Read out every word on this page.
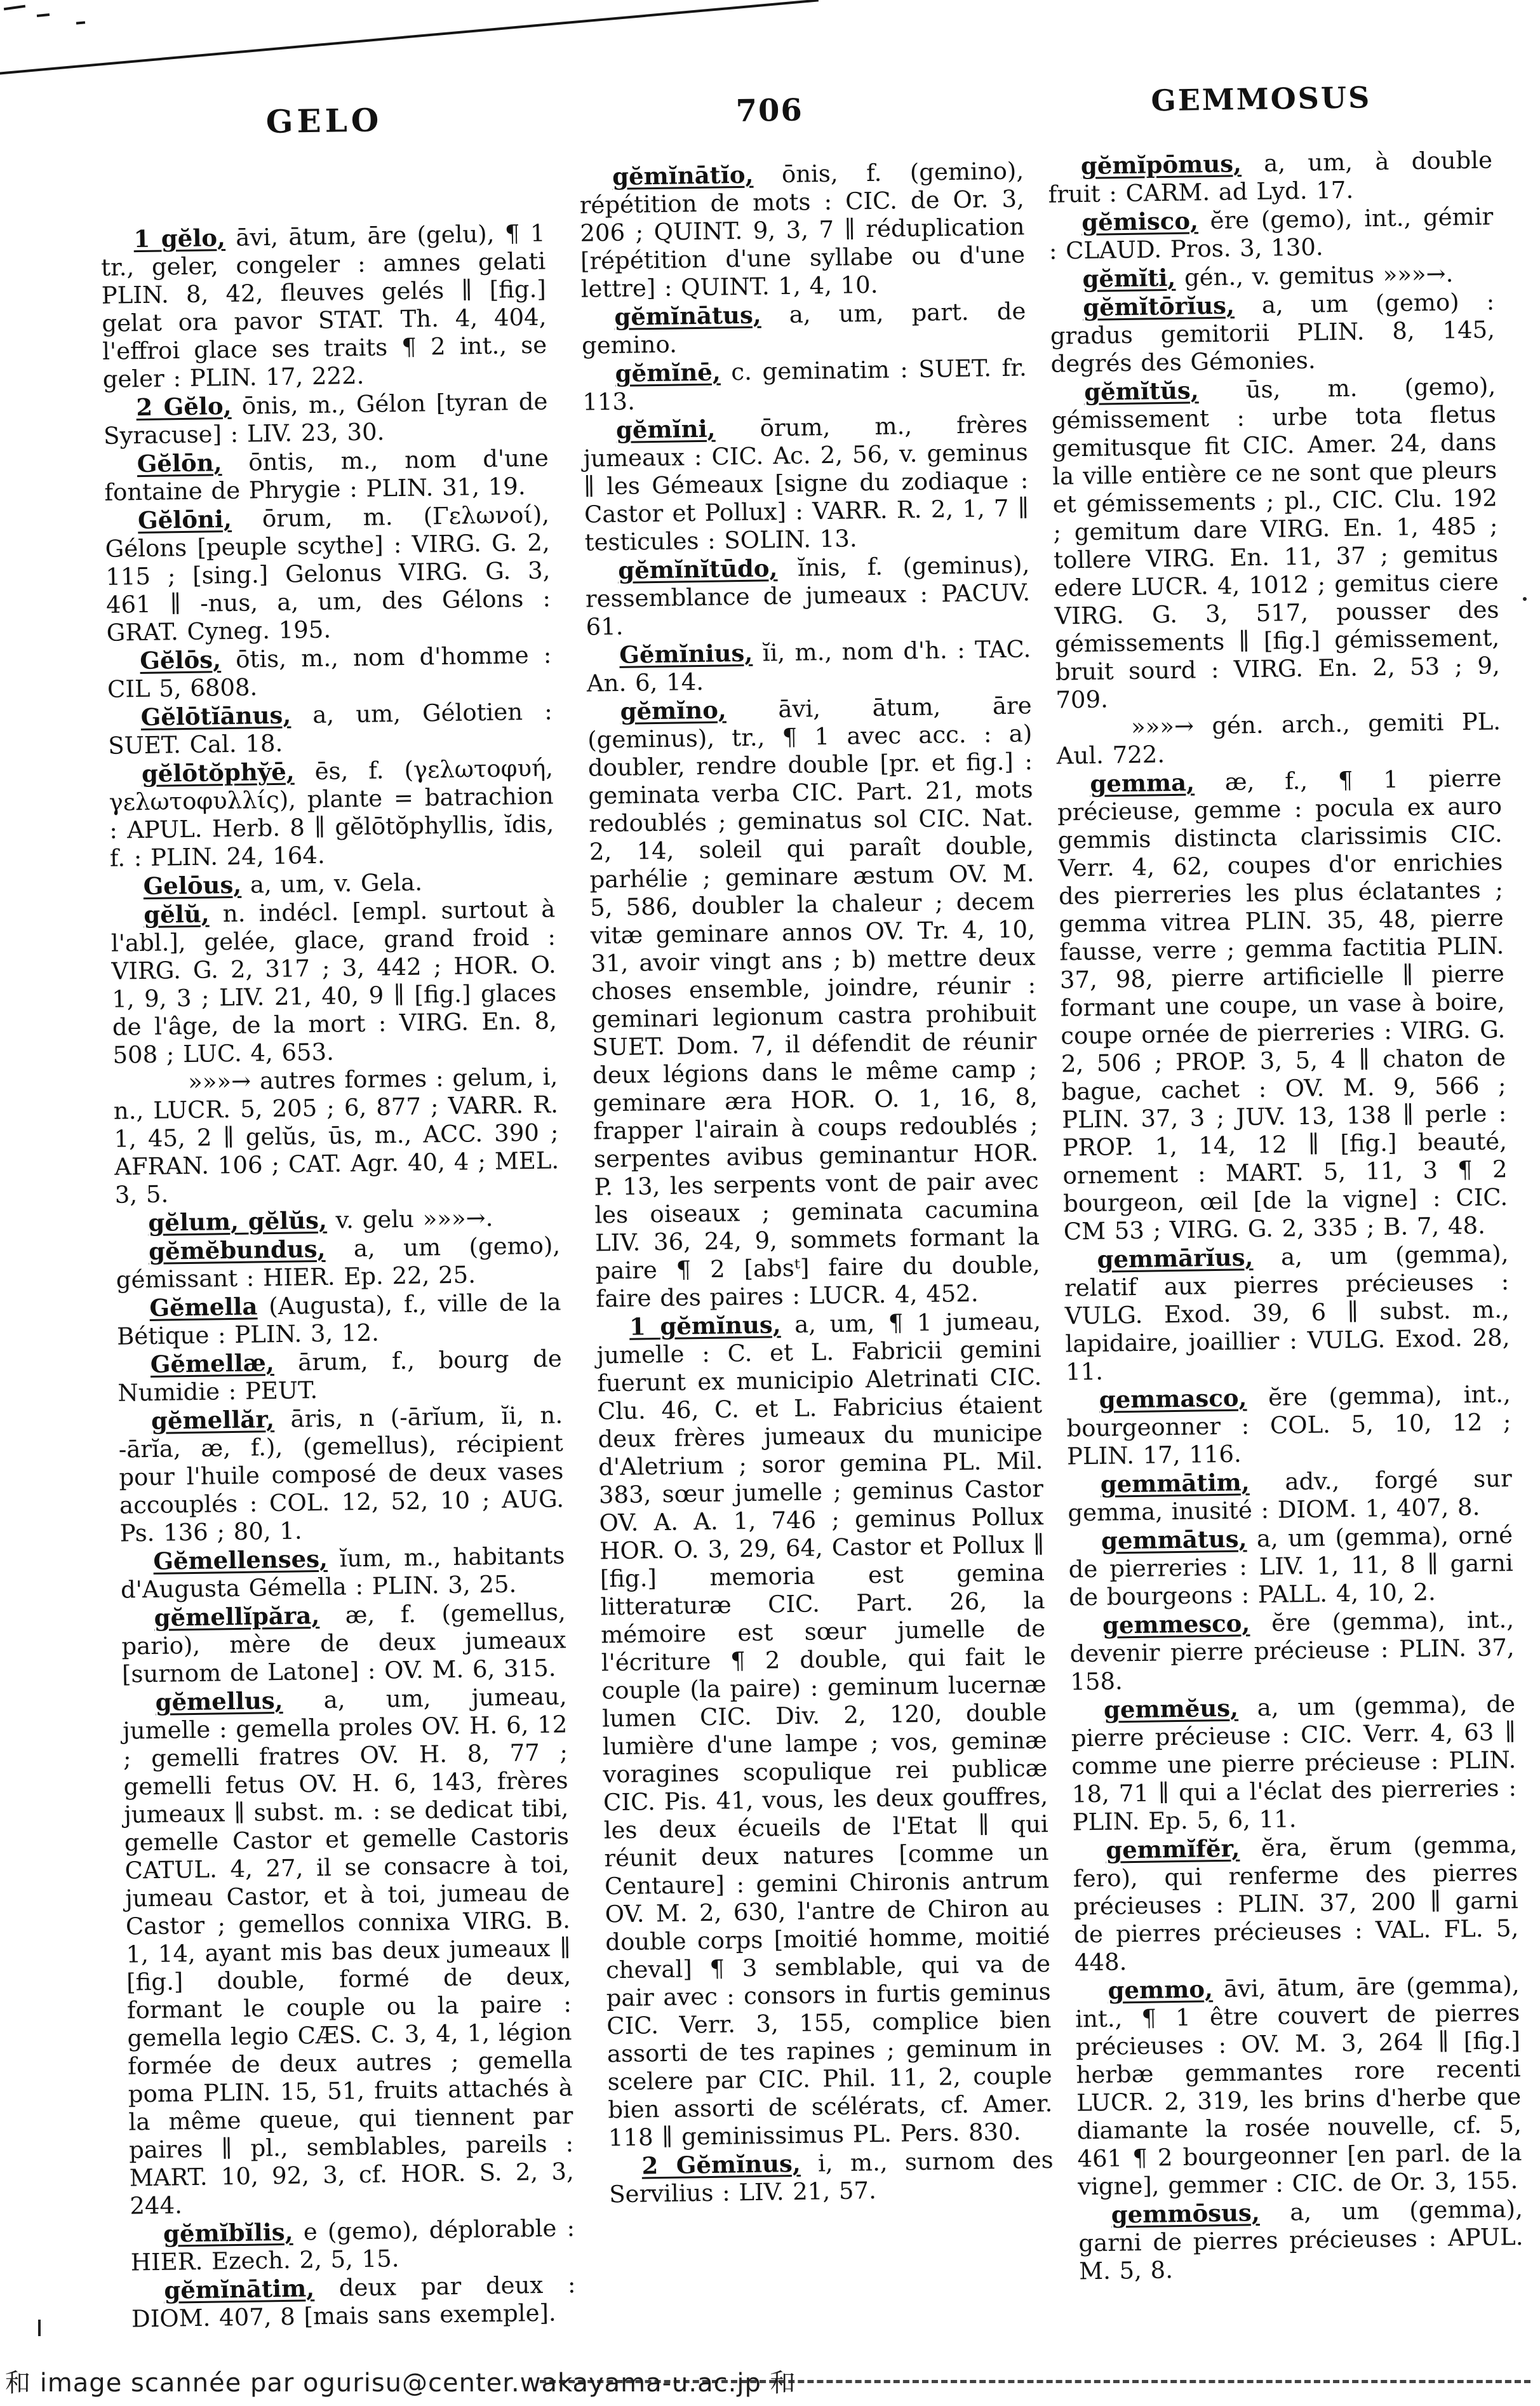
GELO	706	GEMMOSUS

1 gĕlo, āvi, ātum, āre (gelu), ¶ 1 tr., geler, congeler : amnes gelati PLIN. 8, 42, fleuves gelés ∥ [fig.] gelat ora pavor STAT. Th. 4, 404, l'effroi glace ses traits ¶ 2 int., se geler : PLIN. 17, 222.

2 Gĕlo, ōnis, m., Gélon [tyran de Syracuse] : LIV. 23, 30.

Gĕlōn, ōntis, m., nom d'une fontaine de Phrygie : PLIN. 31, 19.

Gĕlōni, ōrum, m. (Γελωνοί), Gélons [peuple scythe] : VIRG. G. 2, 115 ; [sing.] Gelonus VIRG. G. 3, 461 ∥ -nus, a, um, des Gélons : GRAT. Cyneg. 195.

Gĕlōs, ōtis, m., nom d'homme : CIL 5, 6808.

Gĕlōtĭānus, a, um, Gélotien : SUET. Cal. 18.

gĕlōtŏphy̆ē, ēs, f. (γελωτοφυή, γελωτοφυλλίς), plante = batrachion : APUL. Herb. 8 ∥ gĕlōtŏphyllis, ĭdis, f. : PLIN. 24, 164.

Gelōus, a, um, v. Gela.

gĕlŭ, n. indécl. [empl. surtout à l'abl.], gelée, glace, grand froid : VIRG. G. 2, 317 ; 3, 442 ; HOR. O. 1, 9, 3 ; LIV. 21, 40, 9 ∥ [fig.] glaces de l'âge, de la mort : VIRG. En. 8, 508 ; LUC. 4, 653.

»»»→ autres formes : gelum, i, n., LUCR. 5, 205 ; 6, 877 ; VARR. R. 1, 45, 2 ∥ gelŭs, ūs, m., ACC. 390 ; AFRAN. 106 ; CAT. Agr. 40, 4 ; MEL. 3, 5.

gĕlum, gĕlŭs, v. gelu »»»→.

gĕmĕbundus, a, um (gemo), gémissant : HIER. Ep. 22, 25.

Gĕmella (Augusta), f., ville de la Bétique : PLIN. 3, 12.

Gĕmellæ, ārum, f., bourg de Numidie : PEUT.

gĕmellăr, āris, n (-ārĭum, ĭi, n. -ārĭa, æ, f.), (gemellus), récipient pour l'huile composé de deux vases accouplés : COL. 12, 52, 10 ; AUG. Ps. 136 ; 80, 1.

Gĕmellenses, ĭum, m., habitants d'Augusta Gémella : PLIN. 3, 25.

gĕmellĭpăra, æ, f. (gemellus, pario), mère de deux jumeaux [surnom de Latone] : OV. M. 6, 315.

gĕmellus, a, um, jumeau, jumelle : gemella proles OV. H. 6, 12 ; gemelli fratres OV. H. 8, 77 ; gemelli fetus OV. H. 6, 143, frères jumeaux ∥ subst. m. : se dedicat tibi, gemelle Castor et gemelle Castoris CATUL. 4, 27, il se consacre à toi, jumeau Castor, et à toi, jumeau de Castor ; gemellos connixa VIRG. B. 1, 14, ayant mis bas deux jumeaux ∥ [fig.] double, formé de deux, formant le couple ou la paire : gemella legio CÆS. C. 3, 4, 1, légion formée de deux autres ; gemella poma PLIN. 15, 51, fruits attachés à la même queue, qui tiennent par paires ∥ pl., semblables, pareils : MART. 10, 92, 3, cf. HOR. S. 2, 3, 244.

gĕmĭbĭlis, e (gemo), déplorable : HIER. Ezech. 2, 5, 15.

gĕmĭnātim, deux par deux : DIOM. 407, 8 [mais sans exemple].

gĕmĭnātĭo, ōnis, f. (gemino), répétition de mots : CIC. de Or. 3, 206 ; QUINT. 9, 3, 7 ∥ réduplication [répétition d'une syllabe ou d'une lettre] : QUINT. 1, 4, 10.

gĕmĭnātus, a, um, part. de gemino.

gĕmĭnē, c. geminatim : SUET. fr. 113.

gĕmĭni, ōrum, m., frères jumeaux : CIC. Ac. 2, 56, v. geminus ∥ les Gémeaux [signe du zodiaque : Castor et Pollux] : VARR. R. 2, 1, 7 ∥ testicules : SOLIN. 13.

gĕmĭnĭtūdo, ĭnis, f. (geminus), ressemblance de jumeaux : PACUV. 61.

Gĕmĭnius, ĭi, m., nom d'h. : TAC. An. 6, 14.

gĕmĭno, āvi, ātum, āre (geminus), tr., ¶ 1 avec acc. : a) doubler, rendre double [pr. et fig.] : geminata verba CIC. Part. 21, mots redoublés ; geminatus sol CIC. Nat. 2, 14, soleil qui paraît double, parhélie ; geminare æstum OV. M. 5, 586, doubler la chaleur ; decem vitæ geminare annos OV. Tr. 4, 10, 31, avoir vingt ans ; b) mettre deux choses ensemble, joindre, réunir : geminari legionum castra prohibuit SUET. Dom. 7, il défendit de réunir deux légions dans le même camp ; geminare æra HOR. O. 1, 16, 8, frapper l'airain à coups redoublés ; serpentes avibus geminantur HOR. P. 13, les serpents vont de pair avec les oiseaux ; geminata cacumina LIV. 36, 24, 9, sommets formant la paire ¶ 2 [absᵗ] faire du double, faire des paires : LUCR. 4, 452.

1 gĕmĭnus, a, um, ¶ 1 jumeau, jumelle : C. et L. Fabricii gemini fuerunt ex municipio Aletrinati CIC. Clu. 46, C. et L. Fabricius étaient deux frères jumeaux du municipe d'Aletrium ; soror gemina PL. Mil. 383, sœur jumelle ; geminus Castor OV. A. A. 1, 746 ; geminus Pollux HOR. O. 3, 29, 64, Castor et Pollux ∥ [fig.] memoria est gemina litteraturæ CIC. Part. 26, la mémoire est sœur jumelle de l'écriture ¶ 2 double, qui fait le couple (la paire) : geminum lucernæ lumen CIC. Div. 2, 120, double lumière d'une lampe ; vos, geminæ voragines scopulique rei publicæ CIC. Pis. 41, vous, les deux gouffres, les deux écueils de l'Etat ∥ qui réunit deux natures [comme un Centaure] : gemini Chironis antrum OV. M. 2, 630, l'antre de Chiron au double corps [moitié homme, moitié cheval] ¶ 3 semblable, qui va de pair avec : consors in furtis geminus CIC. Verr. 3, 155, complice bien assorti de tes rapines ; geminum in scelere par CIC. Phil. 11, 2, couple bien assorti de scélérats, cf. Amer. 118 ∥ geminissimus PL. Pers. 830.

2 Gĕmĭnus, i, m., surnom des Servilius : LIV. 21, 57.

gĕmĭpōmus, a, um, à double fruit : CARM. ad Lyd. 17.

gĕmisco, ĕre (gemo), int., gémir : CLAUD. Pros. 3, 130.

gĕmĭti, gén., v. gemitus »»»→.

gĕmĭtōrĭus, a, um (gemo) : gradus gemitorii PLIN. 8, 145, degrés des Gémonies.

gĕmĭtŭs, ūs, m. (gemo), gémissement : urbe tota fletus gemitusque fit CIC. Amer. 24, dans la ville entière ce ne sont que pleurs et gémissements ; pl., CIC. Clu. 192 ; gemitum dare VIRG. En. 1, 485 ; tollere VIRG. En. 11, 37 ; gemitus edere LUCR. 4, 1012 ; gemitus ciere VIRG. G. 3, 517, pousser des gémissements ∥ [fig.] gémissement, bruit sourd : VIRG. En. 2, 53 ; 9, 709.

»»»→ gén. arch., gemiti PL. Aul. 722.

gemma, æ, f., ¶ 1 pierre précieuse, gemme : pocula ex auro gemmis distincta clarissimis CIC. Verr. 4, 62, coupes d'or enrichies des pierreries les plus éclatantes ; gemma vitrea PLIN. 35, 48, pierre fausse, verre ; gemma factitia PLIN. 37, 98, pierre artificielle ∥ pierre formant une coupe, un vase à boire, coupe ornée de pierreries : VIRG. G. 2, 506 ; PROP. 3, 5, 4 ∥ chaton de bague, cachet : OV. M. 9, 566 ; PLIN. 37, 3 ; JUV. 13, 138 ∥ perle : PROP. 1, 14, 12 ∥ [fig.] beauté, ornement : MART. 5, 11, 3 ¶ 2 bourgeon, œil [de la vigne] : CIC. CM 53 ; VIRG. G. 2, 335 ; B. 7, 48.

gemmārĭus, a, um (gemma), relatif aux pierres précieuses : VULG. Exod. 39, 6 ∥ subst. m., lapidaire, joaillier : VULG. Exod. 28, 11.

gemmasco, ĕre (gemma), int., bourgeonner : COL. 5, 10, 12 ; PLIN. 17, 116.

gemmātim, adv., forgé sur gemma, inusité : DIOM. 1, 407, 8.

gemmātus, a, um (gemma), orné de pierreries : LIV. 1, 11, 8 ∥ garni de bourgeons : PALL. 4, 10, 2.

gemmesco, ĕre (gemma), int., devenir pierre précieuse : PLIN. 37, 158.

gemmĕus, a, um (gemma), de pierre précieuse : CIC. Verr. 4, 63 ∥ comme une pierre précieuse : PLIN. 18, 71 ∥ qui a l'éclat des pierreries : PLIN. Ep. 5, 6, 11.

gemmĭfĕr, ĕra, ĕrum (gemma, fero), qui renferme des pierres précieuses : PLIN. 37, 200 ∥ garni de pierres précieuses : VAL. FL. 5, 448.

gemmo, āvi, ātum, āre (gemma), int., ¶ 1 être couvert de pierres précieuses : OV. M. 3, 264 ∥ [fig.] herbæ gemmantes rore recenti LUCR. 2, 319, les brins d'herbe que diamante la rosée nouvelle, cf. 5, 461 ¶ 2 bourgeonner [en parl. de la vigne], gemmer : CIC. de Or. 3, 155.

gemmōsus, a, um (gemma), garni de pierres précieuses : APUL. M. 5, 8.

和 image scannée par ogurisu@center.wakayama-u.ac.jp 和
